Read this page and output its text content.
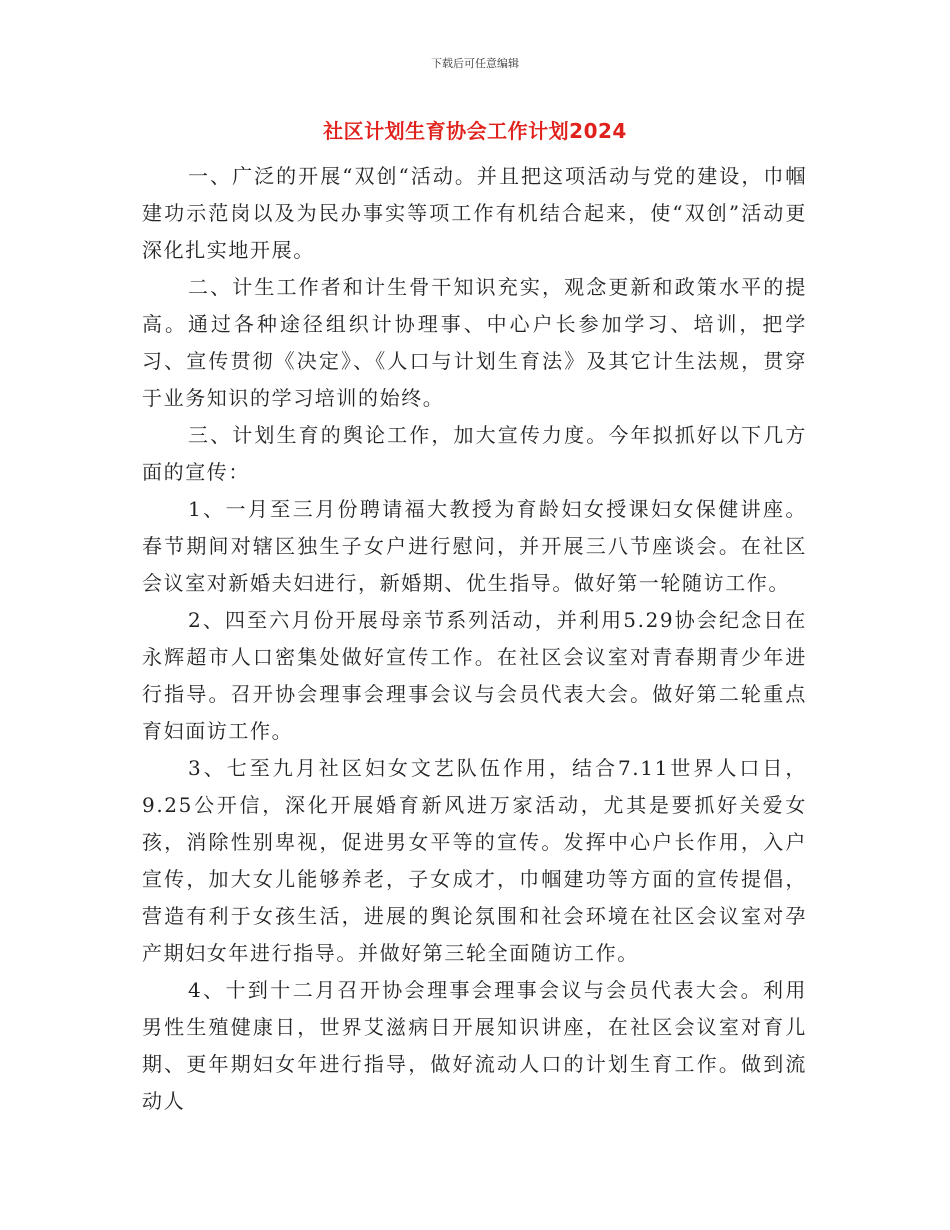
下载后可任意编辑
社区计划生育协会工作计划2024

一、广泛的开展“双创“活动。并且把这项活动与党的建设，巾帼建功示范岗以及为民办事实等项工作有机结合起来，使“双创”活动更深化扎实地开展。

二、计生工作者和计生骨干知识充实，观念更新和政策水平的提高。通过各种途径组织计协理事、中心户长参加学习、培训，把学习、宣传贯彻《决定》、《人口与计划生育法》及其它计生法规，贯穿于业务知识的学习培训的始终。

三、计划生育的舆论工作，加大宣传力度。今年拟抓好以下几方面的宣传：

1、一月至三月份聘请福大教授为育龄妇女授课妇女保健讲座。春节期间对辖区独生子女户进行慰问，并开展三八节座谈会。在社区会议室对新婚夫妇进行，新婚期、优生指导。做好第一轮随访工作。

2、四至六月份开展母亲节系列活动，并利用5.29协会纪念日在永辉超市人口密集处做好宣传工作。在社区会议室对青春期青少年进行指导。召开协会理事会理事会议与会员代表大会。做好第二轮重点育妇面访工作。

3、七至九月社区妇女文艺队伍作用，结合7.11世界人口日，9.25公开信，深化开展婚育新风进万家活动，尤其是要抓好关爱女孩，消除性别卑视，促进男女平等的宣传。发挥中心户长作用，入户宣传，加大女儿能够养老，子女成才，巾帼建功等方面的宣传提倡，营造有利于女孩生活，进展的舆论氛围和社会环境在社区会议室对孕产期妇女年进行指导。并做好第三轮全面随访工作。

4、十到十二月召开协会理事会理事会议与会员代表大会。利用男性生殖健康日，世界艾滋病日开展知识讲座，在社区会议室对育儿期、更年期妇女年进行指导，做好流动人口的计划生育工作。做到流动人
